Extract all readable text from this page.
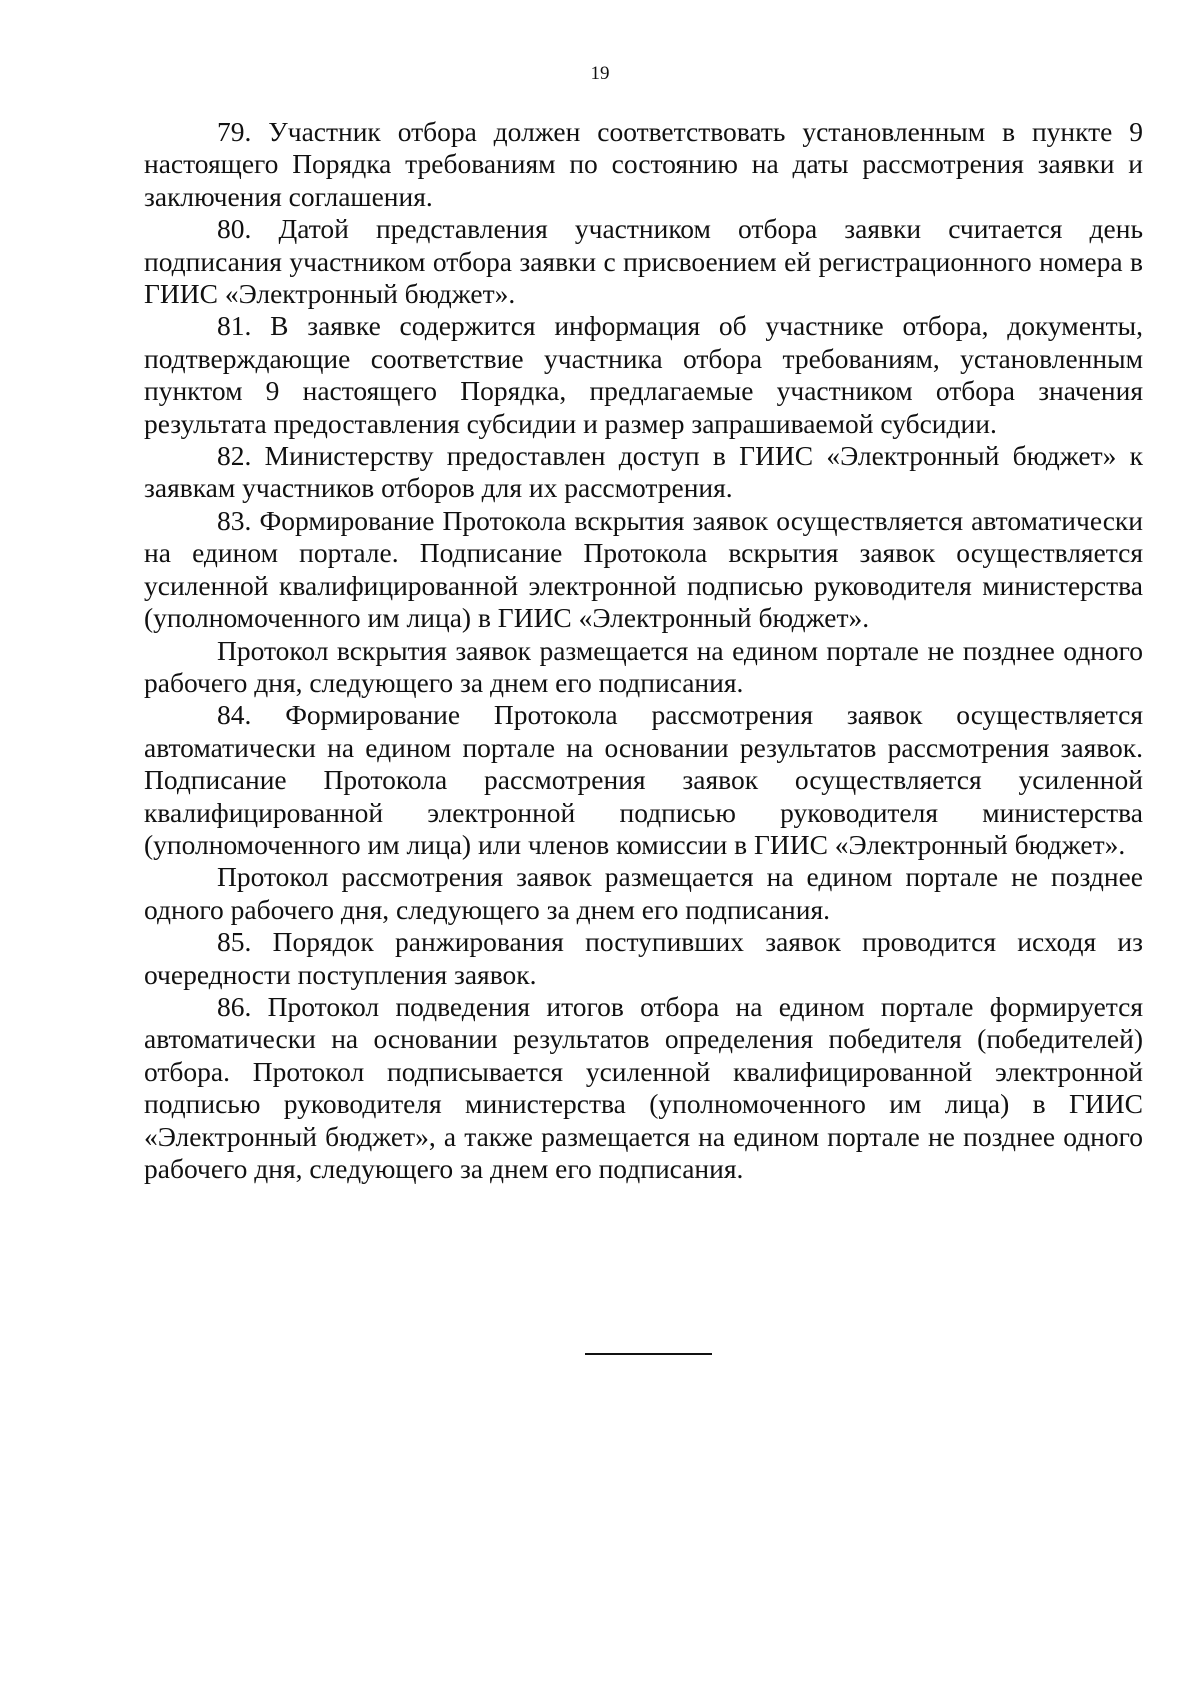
19

79. Участник отбора должен соответствовать установленным в пункте 9 настоящего Порядка требованиям по состоянию на даты рассмотрения заявки и заключения соглашения.

80. Датой представления участником отбора заявки считается день подписания участником отбора заявки с присвоением ей регистрационного номера в ГИИС «Электронный бюджет».

81. В заявке содержится информация об участнике отбора, документы, подтверждающие соответствие участника отбора требованиям, установленным пунктом 9 настоящего Порядка, предлагаемые участником отбора значения результата предоставления субсидии и размер запрашиваемой субсидии.

82. Министерству предоставлен доступ в ГИИС «Электронный бюджет» к заявкам участников отборов для их рассмотрения.

83. Формирование Протокола вскрытия заявок осуществляется автоматически на едином портале. Подписание Протокола вскрытия заявок осуществляется усиленной квалифицированной электронной подписью руководителя министерства (уполномоченного им лица) в ГИИС «Электронный бюджет».

Протокол вскрытия заявок размещается на едином портале не позднее одного рабочего дня, следующего за днем его подписания.

84. Формирование Протокола рассмотрения заявок осуществляется автоматически на едином портале на основании результатов рассмотрения заявок. Подписание Протокола рассмотрения заявок осуществляется усиленной квалифицированной электронной подписью руководителя министерства (уполномоченного им лица) или членов комиссии в ГИИС «Электронный бюджет».

Протокол рассмотрения заявок размещается на едином портале не позднее одного рабочего дня, следующего за днем его подписания.

85. Порядок ранжирования поступивших заявок проводится исходя из очередности поступления заявок.

86. Протокол подведения итогов отбора на едином портале формируется автоматически на основании результатов определения победителя (победителей) отбора. Протокол подписывается усиленной квалифицированной электронной подписью руководителя министерства (уполномоченного им лица) в ГИИС «Электронный бюджет», а также размещается на едином портале не позднее одного рабочего дня, следующего за днем его подписания.
